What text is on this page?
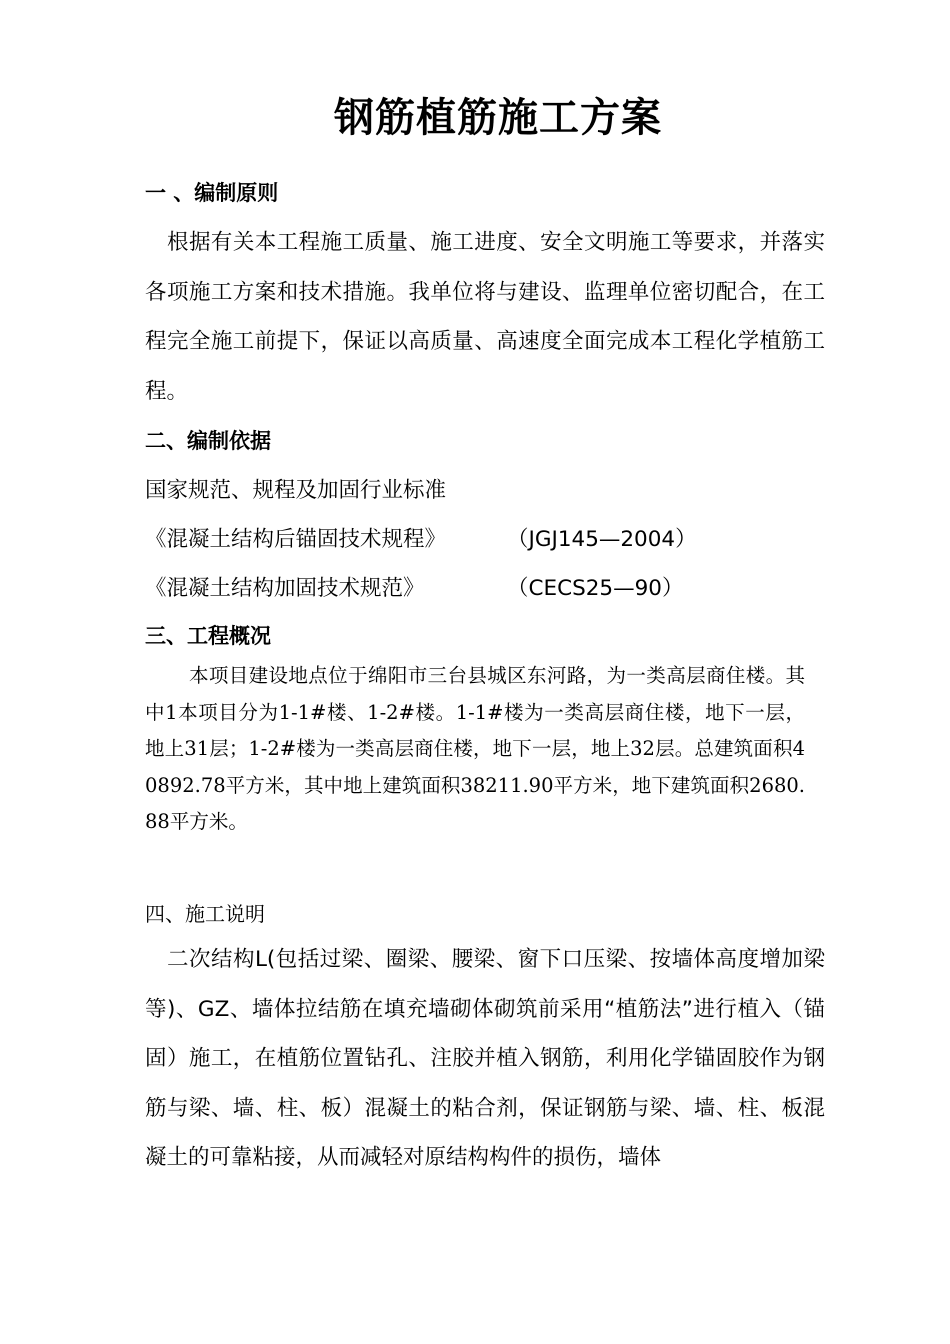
钢筋植筋施工方案
一 、编制原则
根据有关本工程施工质量、施工进度、安全文明施工等要求，并落实各项施工方案和技术措施。我单位将与建设、监理单位密切配合，在工程完全施工前提下，保证以高质量、高速度全面完成本工程化学植筋工程。
二、编制依据
国家规范、规程及加固行业标准
《混凝土结构后锚固技术规程》	（JGJ145—2004）
《混凝土结构加固技术规范》	（CECS25—90）
三、工程概况
本项目建设地点位于绵阳市三台县城区东河路，为一类高层商住楼。其中1本项目分为1-1#楼、1-2#楼。1-1#楼为一类高层商住楼，地下一层，地上31层；1-2#楼为一类高层商住楼，地下一层，地上32层。总建筑面积40892.78平方米，其中地上建筑面积38211.90平方米，地下建筑面积2680.88平方米。
四、施工说明
二次结构L(包括过梁、圈梁、腰梁、窗下口压梁、按墙体高度增加梁等)、GZ、墙体拉结筋在填充墙砌体砌筑前采用“植筋法”进行植入（锚固）施工，在植筋位置钻孔、注胶并植入钢筋，利用化学锚固胶作为钢筋与梁、墙、柱、板）混凝土的粘合剂，保证钢筋与梁、墙、柱、板混凝土的可靠粘接，从而减轻对原结构构件的损伤，墙体
